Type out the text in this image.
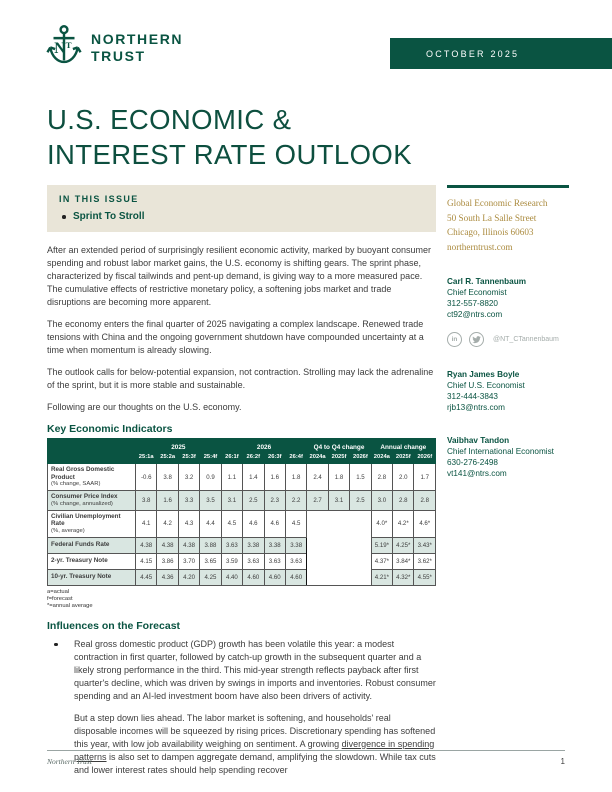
N T NORTHERN
TRUST	OCTOBER 2025
U.S. ECONOMIC &
INTEREST RATE OUTLOOK
IN THIS ISSUE
Sprint To Stroll

After an extended period of surprisingly resilient economic activity, marked by buoyant consumer spending and robust labor market gains, the U.S. economy is shifting gears. The sprint phase, characterized by fiscal tailwinds and pent-up demand, is giving way to a more measured pace. The cumulative effects of restrictive monetary policy, a softening jobs market and trade disruptions are becoming more apparent.

The economy enters the final quarter of 2025 navigating a complex landscape. Renewed trade tensions with China and the ongoing government shutdown have compounded uncertainty at a time when momentum is already slowing.

The outlook calls for below-potential expansion, not contraction. Strolling may lack the adrenaline of the sprint, but it is more stable and sustainable.

Following are our thoughts on the U.S. economy.

Key Economic Indicators
	2025				2026				Q4 to Q4 change			Annual change		
	25:1a	25:2a	25:3f	25:4f	26:1f	26:2f	26:3f	26:4f	2024a	2025f	2026f	2024a	2025f	2026f

Real Gross Domestic Product
(% change, SAAR)	-0.6	3.8	3.2	0.9	1.1	1.4	1.6	1.8	2.4	1.8	1.5	2.8	2.0	1.7

Consumer Price Index
(% change, annualized)	3.8	1.6	3.3	3.5	3.1	2.5	2.3	2.2	2.7	3.1	2.5	3.0	2.8	2.8

Civilian Unemployment Rate
(%, average)	4.1	4.2	4.3	4.4	4.5	4.6	4.6	4.5				4.0*	4.2*	4.6*

Federal Funds Rate	4.38	4.38	4.38	3.88	3.63	3.38	3.38	3.38				5.19*	4.25*	3.43*

2-yr. Treasury Note	4.15	3.86	3.70	3.65	3.59	3.63	3.63	3.63				4.37*	3.84*	3.62*

10-yr. Treasury Note	4.45	4.36	4.20	4.25	4.40	4.60	4.60	4.60				4.21*	4.32*	4.55*
a=actual
f=forecast
*=annual average
Influences on the Forecast
Real gross domestic product (GDP) growth has been volatile this year: a modest contraction in first quarter, followed by catch-up growth in the subsequent quarter and a likely strong performance in the third. This mid-year strength reflects payback after first quarter's decline, which was driven by swings in imports and inventories. Robust consumer spending and an AI-led investment boom have also been drivers of activity.
But a step down lies ahead. The labor market is softening, and households' real disposable incomes will be squeezed by rising prices. Discretionary spending has softened this year, with low job availability weighing on sentiment. A growing divergence in spending patterns is also set to dampen aggregate demand, amplifying the slowdown. While tax cuts and lower interest rates should help spending recover
Global Economic Research
50 South La Salle Street
Chicago, Illinois 60603
northerntrust.com
Carl R. Tannenbaum
Chief Economist
312-557-8820
ct92@ntrs.com
in	@NT_CTannenbaum
Ryan James Boyle
Chief U.S. Economist
312-444-3843
rjb13@ntrs.com
Vaibhav Tandon
Chief International Economist
630-276-2498
vt141@ntrs.com
Northern Trust	1
